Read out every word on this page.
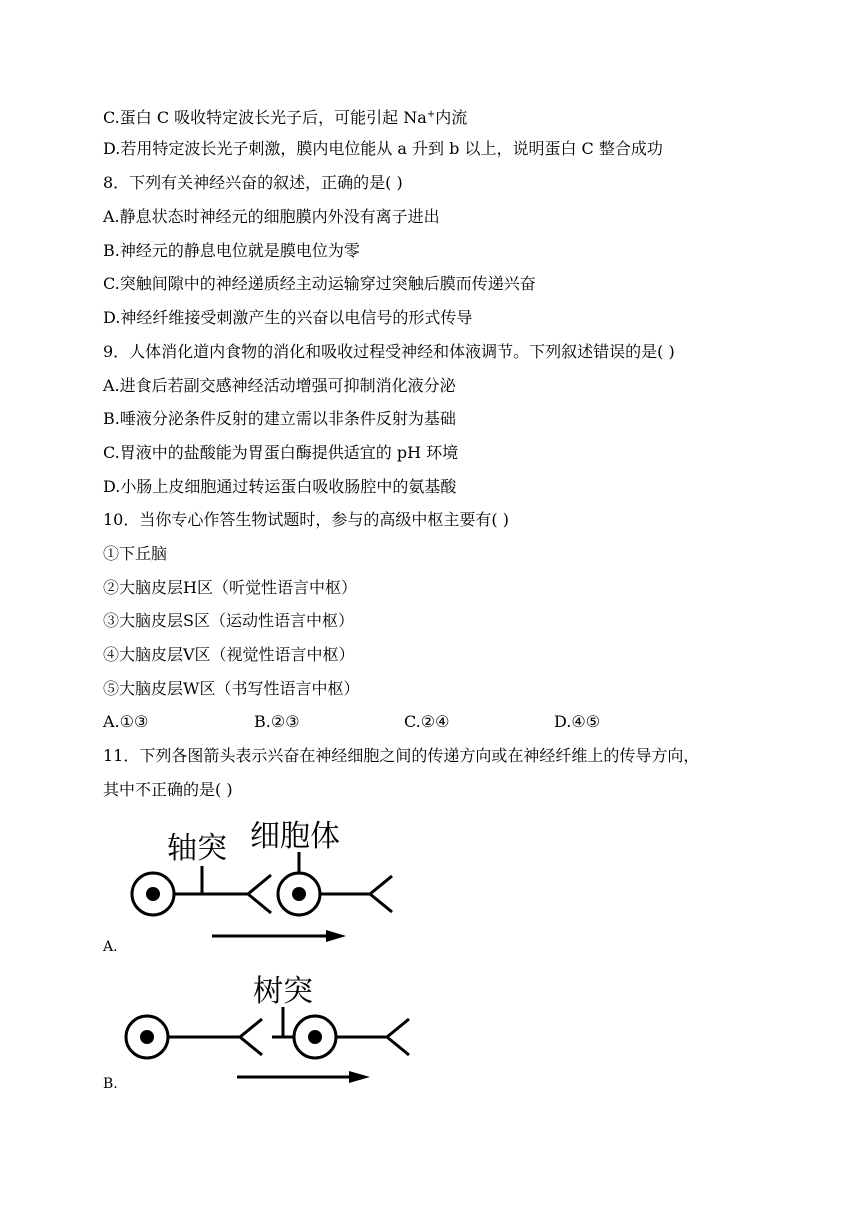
C.蛋白 C 吸收特定波长光子后，可能引起 Na+内流
D.若用特定波长光子刺激，膜内电位能从 a 升到 b 以上，说明蛋白 C 整合成功
8．下列有关神经兴奋的叙述，正确的是( )
A.静息状态时神经元的细胞膜内外没有离子进出
B.神经元的静息电位就是膜电位为零
C.突触间隙中的神经递质经主动运输穿过突触后膜而传递兴奋
D.神经纤维接受刺激产生的兴奋以电信号的形式传导
9．人体消化道内食物的消化和吸收过程受神经和体液调节。下列叙述错误的是( )
A.进食后若副交感神经活动增强可抑制消化液分泌
B.唾液分泌条件反射的建立需以非条件反射为基础
C.胃液中的盐酸能为胃蛋白酶提供适宜的 pH 环境
D.小肠上皮细胞通过转运蛋白吸收肠腔中的氨基酸
10．当你专心作答生物试题时，参与的高级中枢主要有( )
①下丘脑
②大脑皮层H区（听觉性语言中枢）
③大脑皮层S区（运动性语言中枢）
④大脑皮层V区（视觉性语言中枢）
⑤大脑皮层W区（书写性语言中枢）
A.①③	B.②③	C.②④	D.④⑤
11．下列各图箭头表示兴奋在神经细胞之间的传递方向或在神经纤维上的传导方向，
其中不正确的是( )
轴突 细胞体
A.
树突
B.
